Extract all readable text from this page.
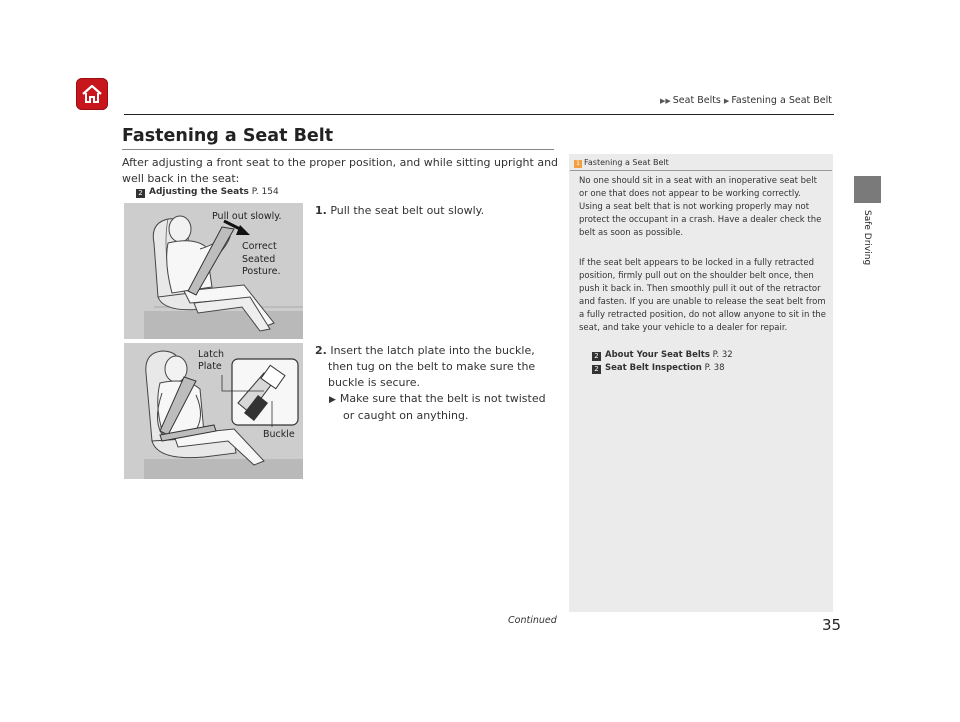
▶▶ Seat Belts ▶ Fastening a Seat Belt
Safe Driving
Fastening a Seat Belt

After adjusting a front seat to the proper position, and while sitting upright and well back in the seat:

2 Adjusting the Seats P. 154
Pull out slowly.
Correct
Seated
Posture.
Latch
Plate
Buckle
1. Pull the seat belt out slowly.
2. Insert the latch plate into the buckle, then tug on the belt to make sure the buckle is secure.
▶ Make sure that the belt is not twisted or caught on anything.
1 Fastening a Seat Belt

No one should sit in a seat with an inoperative seat belt or one that does not appear to be working correctly. Using a seat belt that is not working properly may not protect the occupant in a crash. Have a dealer check the belt as soon as possible.

If the seat belt appears to be locked in a fully retracted position, firmly pull out on the shoulder belt once, then push it back in. Then smoothly pull it out of the retractor and fasten. If you are unable to release the seat belt from a fully retracted position, do not allow anyone to sit in the seat, and take your vehicle to a dealer for repair.

2 About Your Seat Belts P. 32
2 Seat Belt Inspection P. 38
Continued	35
